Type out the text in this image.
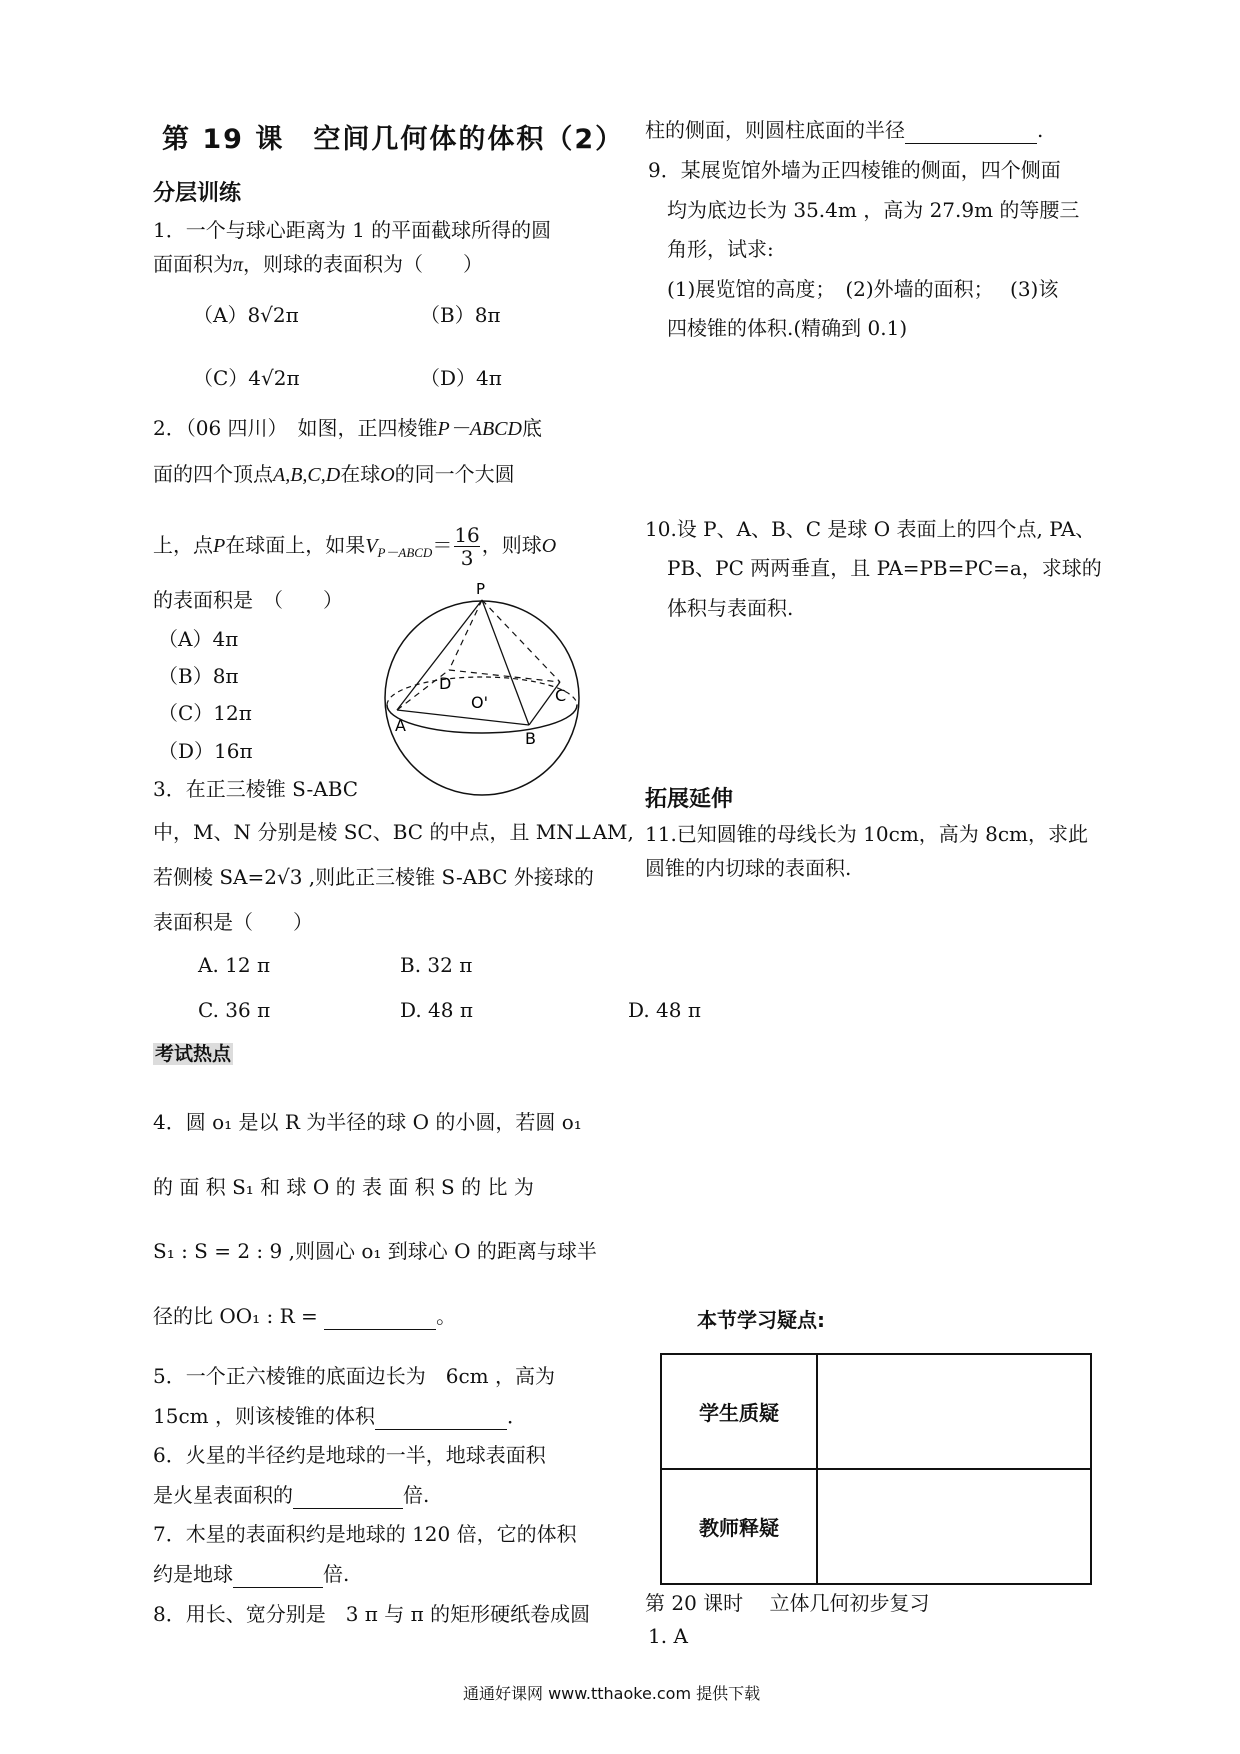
第 19 课　空间几何体的体积（2）
分层训练
1．一个与球心距离为 1 的平面截球所得的圆
面面积为π，则球的表面积为（　　）
（A）8√2π	（B）8π
（C）4√2π	（D）4π
2．（06 四川）　如图，正四棱锥P－ABCD底
面的四个顶点A,B,C,D在球O的同一个大圆
上，点P在球面上，如果$V_{P-ABCD}= \frac{16}{3}$ ，则球O
的表面积是　（　　）
（A）4π
（B）8π
（C）12π
（D）16π
P
D
O'	C
A
B
3．在正三棱锥 S-ABC
中，M、N 分别是棱 SC、BC 的中点，且 MN⊥AM,
若侧棱 SA=2√3 ,则此正三棱锥 S-ABC 外接球的
表面积是（　　）
A. 12 π	B. 32 π
C. 36 π	D. 48 π	D. 48 π
考试热点
4．圆 o₁ 是以 R 为半径的球 O 的小圆，若圆 o₁
的 面 积 S₁ 和 球 O 的 表 面 积 S 的 比 为
S₁ : S = 2 : 9 ,则圆心 o₁ 到球心 O 的距离与球半
径的比 OO₁ : R =	。
5．一个正六棱锥的底面边长为　6cm ，高为
15cm ，则该棱锥的体积	．
6．火星的半径约是地球的一半，地球表面积
是火星表面积的	倍.
7．木星的表面积约是地球的 120 倍，它的体积
约是地球	倍.
8．用长、宽分别是　3 π 与 π 的矩形硬纸卷成圆
柱的侧面，则圆柱底面的半径	.
9．某展览馆外墙为正四棱锥的侧面，四个侧面
均为底边长为 35.4m ，高为 27.9m 的等腰三
角形，试求:
(1)展览馆的高度；　(2)外墙的面积；　 (3)该
四棱锥的体积.(精确到 0.1)
10.设 P、A、B、C 是球 O 表面上的四个点, PA、
PB、PC 两两垂直，且 PA=PB=PC=a，求球的
体积与表面积.
拓展延伸
11.已知圆锥的母线长为 10cm，高为 8cm，求此
圆锥的内切球的表面积.
本节学习疑点:
学生质疑	
教师释疑	
第 20 课时　 立体几何初步复习
1. A
通通好课网 www.tthaoke.com 提供下载
